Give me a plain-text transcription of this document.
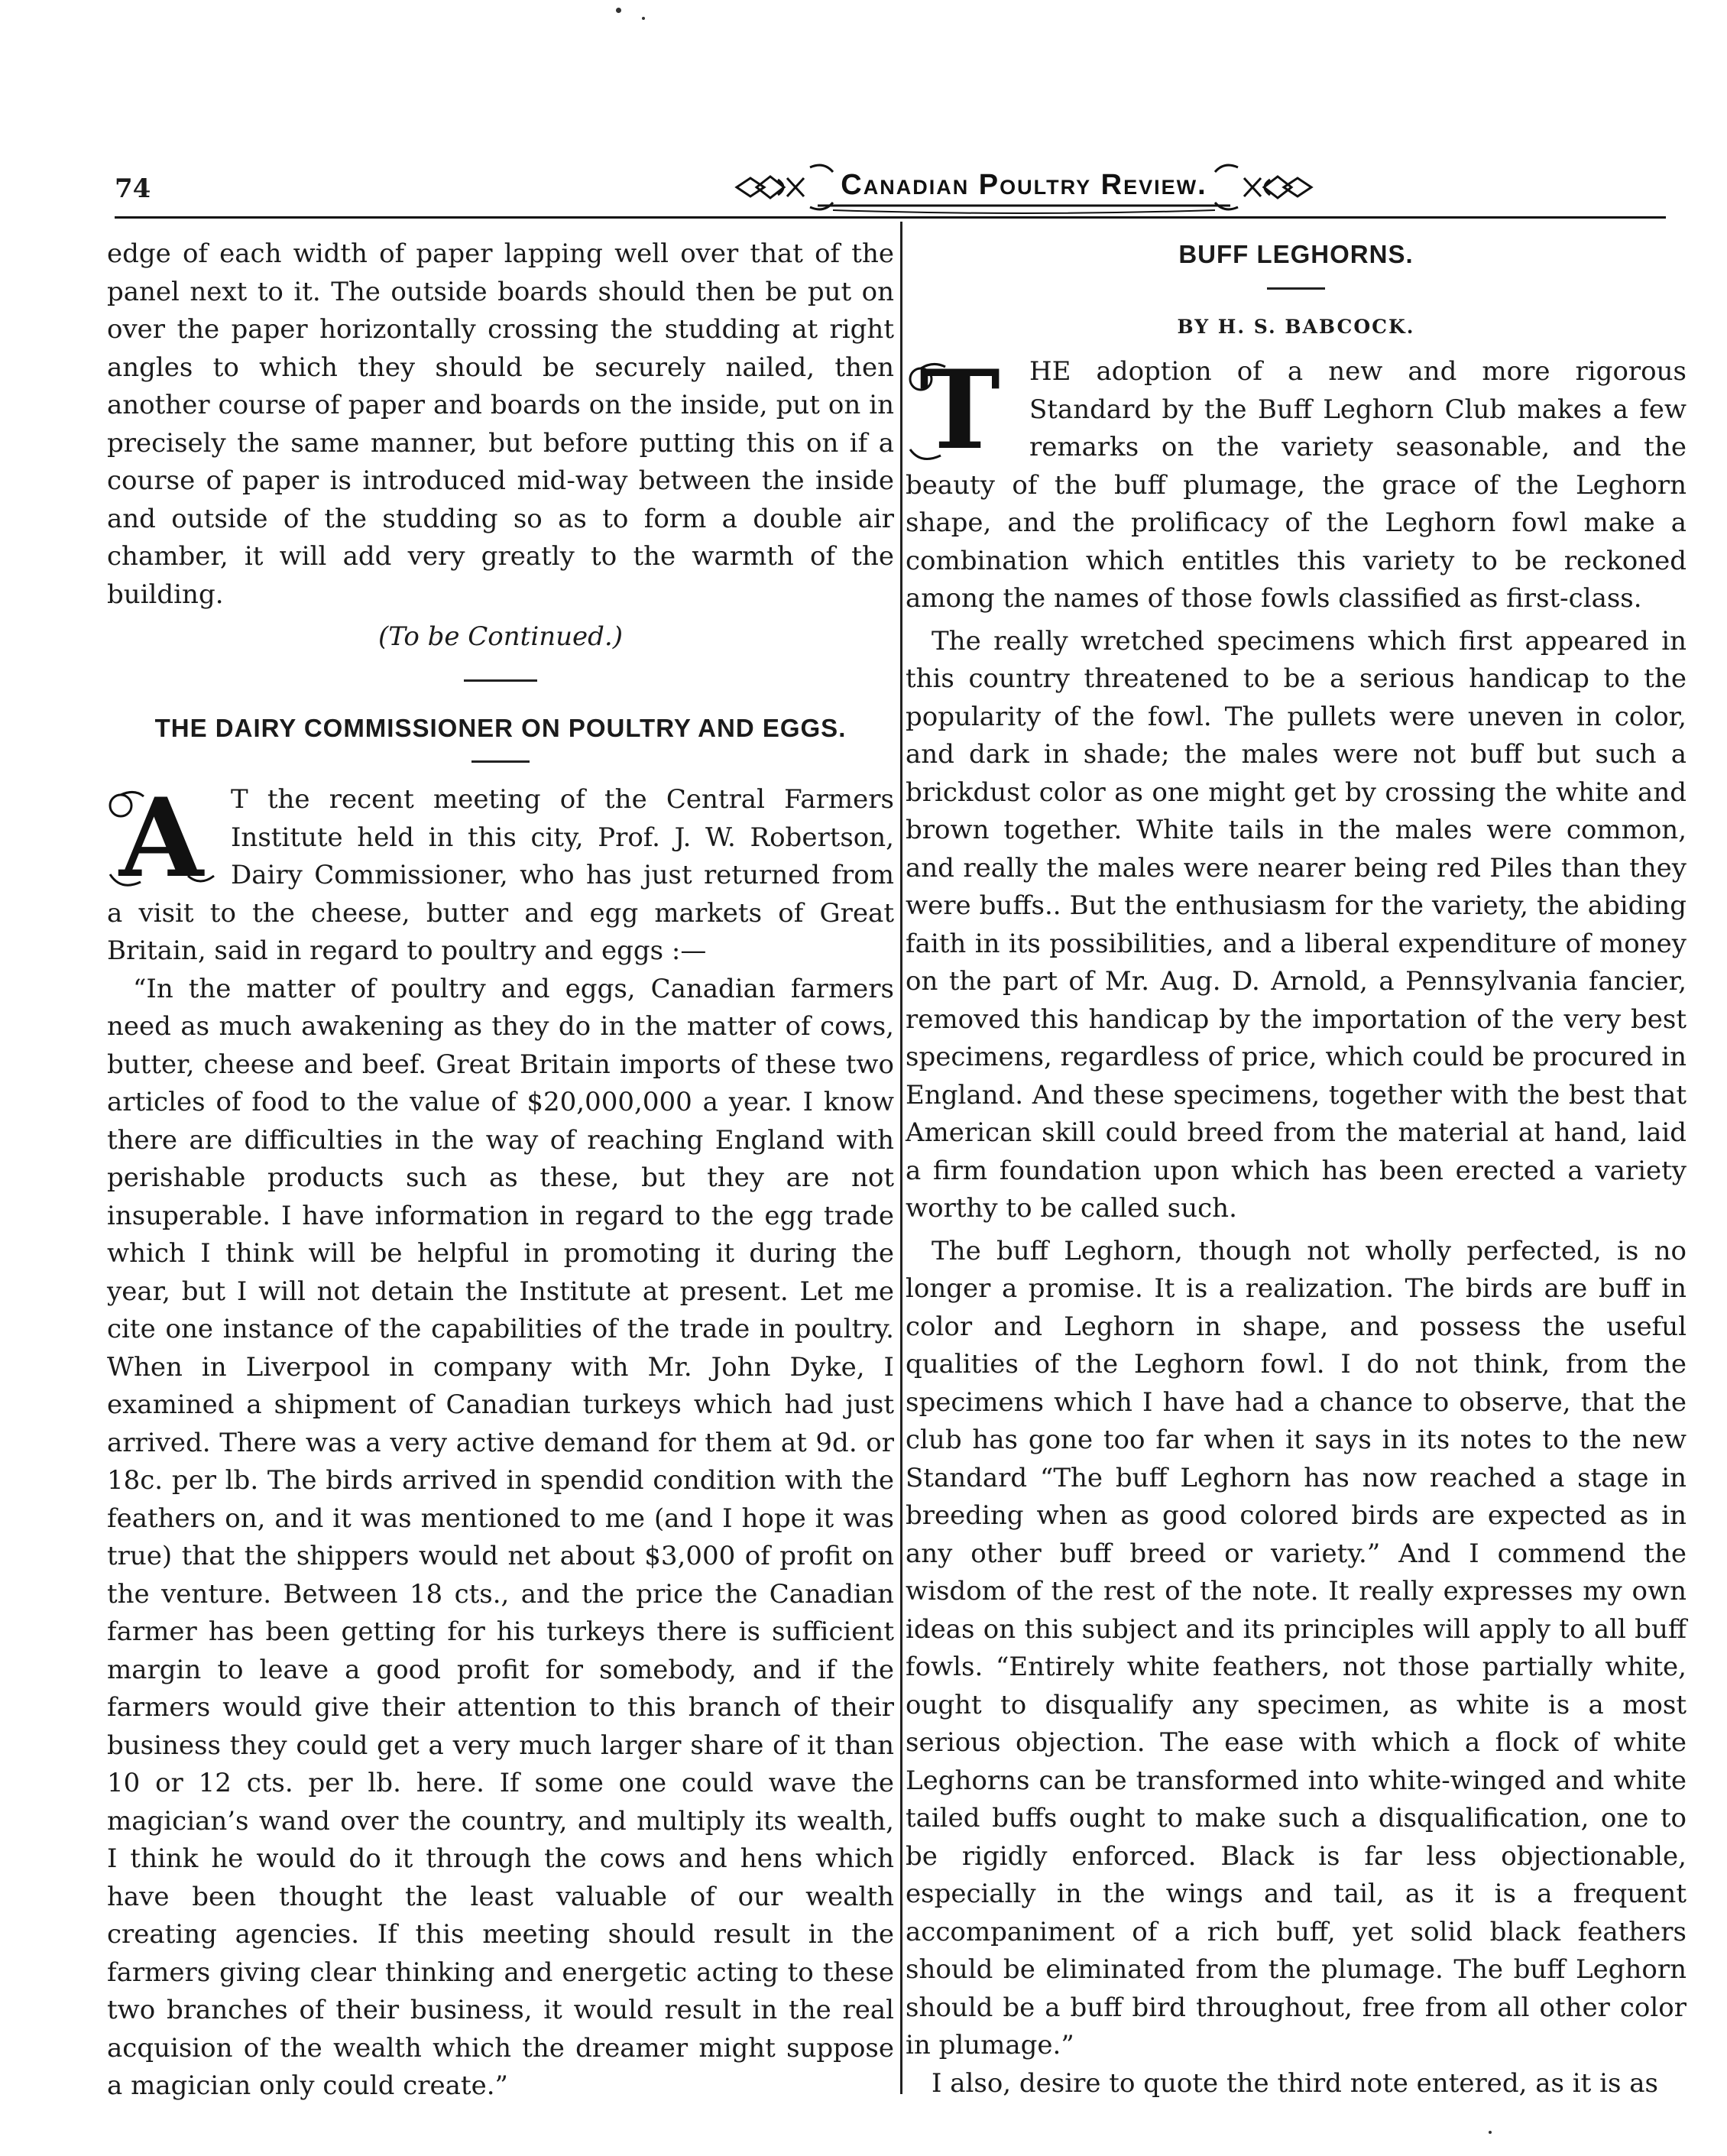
74	Canadian Poultry Review.

edge of each width of paper lapping well over that of the panel next to it. The outside boards should then be put on over the paper horizontally crossing the studding at right angles to which they should be securely nailed, then another course of paper and boards on the inside, put on in precisely the same manner, but before putting this on if a course of paper is introduced mid-way between the inside and outside of the studding so as to form a double air chamber, it will add very greatly to the warmth of the building.

(To be Continued.)

THE DAIRY COMMISSIONER ON POULTRY AND EGGS.

A	T the recent meeting of the Central Farmers Institute held in this city, Prof. J. W. Robertson, Dairy Commissioner, who has just returned from a visit to the cheese, butter and egg markets of Great Britain, said in regard to poultry and eggs :—

“In the matter of poultry and eggs, Canadian farmers need as much awakening as they do in the matter of cows, butter, cheese and beef. Great Britain imports of these two articles of food to the value of $20,000,000 a year. I know there are difficulties in the way of reaching England with perishable products such as these, but they are not insuperable. I have information in regard to the egg trade which I think will be helpful in promoting it during the year, but I will not detain the Institute at present. Let me cite one instance of the capabilities of the trade in poultry. When in Liverpool in company with Mr. John Dyke, I examined a shipment of Canadian turkeys which had just arrived. There was a very active demand for them at 9d. or 18c. per lb. The birds arrived in spendid condition with the feathers on, and it was mentioned to me (and I hope it was true) that the shippers would net about $3,000 of profit on the venture. Between 18 cts., and the price the Canadian farmer has been getting for his turkeys there is sufficient margin to leave a good profit for somebody, and if the farmers would give their attention to this branch of their business they could get a very much larger share of it than 10 or 12 cts. per lb. here. If some one could wave the magician’s wand over the country, and multiply its wealth, I think he would do it through the cows and hens which have been thought the least valuable of our wealth creating agencies. If this meeting should result in the farmers giving clear thinking and energetic acting to these two branches of their business, it would result in the real acquision of the wealth which the dreamer might suppose a magician only could create.”

BUFF LEGHORNS.
BY H. S. BABCOCK.

T	HE adoption of a new and more rigorous Standard by the Buff Leghorn Club makes a few remarks on the variety seasonable, and the beauty of the buff plumage, the grace of the Leghorn shape, and the prolificacy of the Leghorn fowl make a combination which entitles this variety to be reckoned among the names of those fowls classified as first-class.

The really wretched specimens which first appeared in this country threatened to be a serious handicap to the popularity of the fowl. The pullets were uneven in color, and dark in shade; the males were not buff but such a brickdust color as one might get by crossing the white and brown together. White tails in the males were common, and really the males were nearer being red Piles than they were buffs.. But the enthusiasm for the variety, the abiding faith in its possibilities, and a liberal expenditure of money on the part of Mr. Aug. D. Arnold, a Pennsylvania fancier, removed this handicap by the importation of the very best specimens, regardless of price, which could be procured in England. And these specimens, together with the best that American skill could breed from the material at hand, laid a firm foundation upon which has been erected a variety worthy to be called such.

The buff Leghorn, though not wholly perfected, is no longer a promise. It is a realization. The birds are buff in color and Leghorn in shape, and possess the useful qualities of the Leghorn fowl. I do not think, from the specimens which I have had a chance to observe, that the club has gone too far when it says in its notes to the new Standard “The buff Leghorn has now reached a stage in breeding when as good colored birds are expected as in any other buff breed or variety.” And I commend the wisdom of the rest of the note. It really expresses my own ideas on this subject and its principles will apply to all buff fowls. “Entirely white feathers, not those partially white, ought to disqualify any specimen, as white is a most serious objection. The ease with which a flock of white Leghorns can be transformed into white-winged and white tailed buffs ought to make such a disqualification, one to be rigidly enforced. Black is far less objectionable, especially in the wings and tail, as it is a frequent accompaniment of a rich buff, yet solid black feathers should be eliminated from the plumage. The buff Leghorn should be a buff bird throughout, free from all other color in plumage.”

I also, desire to quote the third note entered, as it is as
